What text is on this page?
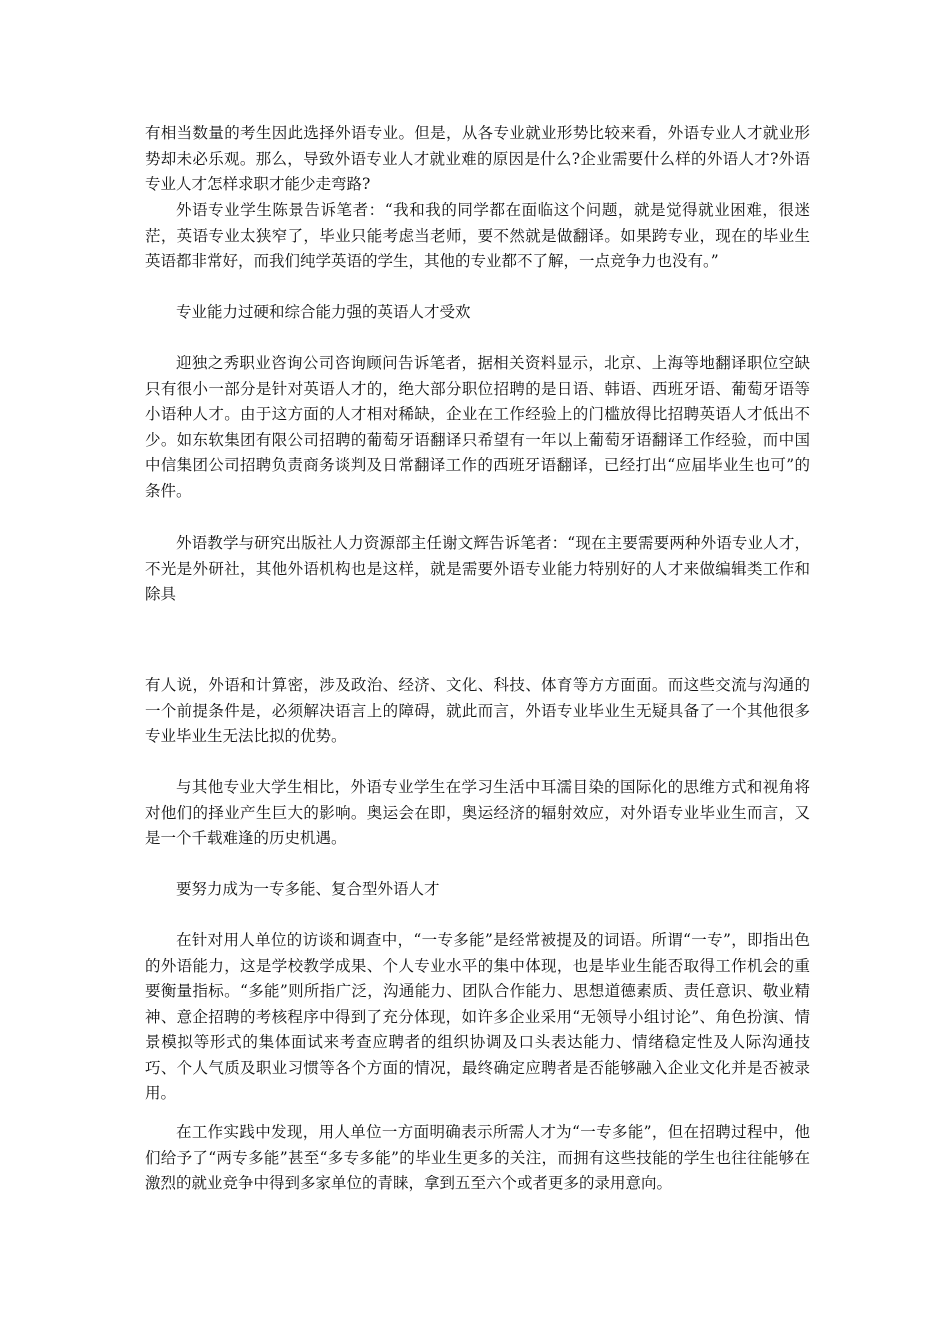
有相当数量的考生因此选择外语专业。但是，从各专业就业形势比较来看，外语专业人才就业形势却未必乐观。那么，导致外语专业人才就业难的原因是什么?企业需要什么样的外语人才?外语专业人才怎样求职才能少走弯路?

外语专业学生陈景告诉笔者：“我和我的同学都在面临这个问题，就是觉得就业困难，很迷茫，英语专业太狭窄了，毕业只能考虑当老师，要不然就是做翻译。如果跨专业，现在的毕业生英语都非常好，而我们纯学英语的学生，其他的专业都不了解，一点竞争力也没有。”

专业能力过硬和综合能力强的英语人才受欢

迎独之秀职业咨询公司咨询顾问告诉笔者，据相关资料显示，北京、上海等地翻译职位空缺只有很小一部分是针对英语人才的，绝大部分职位招聘的是日语、韩语、西班牙语、葡萄牙语等小语种人才。由于这方面的人才相对稀缺，企业在工作经验上的门槛放得比招聘英语人才低出不少。如东软集团有限公司招聘的葡萄牙语翻译只希望有一年以上葡萄牙语翻译工作经验，而中国中信集团公司招聘负责商务谈判及日常翻译工作的西班牙语翻译，已经打出“应届毕业生也可”的条件。

外语教学与研究出版社人力资源部主任谢文辉告诉笔者：“现在主要需要两种外语专业人才，不光是外研社，其他外语机构也是这样，就是需要外语专业能力特别好的人才来做编辑类工作和除具

有人说，外语和计算密，涉及政治、经济、文化、科技、体育等方方面面。而这些交流与沟通的一个前提条件是，必须解决语言上的障碍，就此而言，外语专业毕业生无疑具备了一个其他很多专业毕业生无法比拟的优势。

与其他专业大学生相比，外语专业学生在学习生活中耳濡目染的国际化的思维方式和视角将对他们的择业产生巨大的影响。奥运会在即，奥运经济的辐射效应，对外语专业毕业生而言，又是一个千载难逢的历史机遇。

要努力成为一专多能、复合型外语人才

在针对用人单位的访谈和调查中，“一专多能”是经常被提及的词语。所谓“一专”，即指出色的外语能力，这是学校教学成果、个人专业水平的集中体现，也是毕业生能否取得工作机会的重要衡量指标。“多能”则所指广泛，沟通能力、团队合作能力、思想道德素质、责任意识、敬业精神、意企招聘的考核程序中得到了充分体现，如许多企业采用“无领导小组讨论”、角色扮演、情景模拟等形式的集体面试来考查应聘者的组织协调及口头表达能力、情绪稳定性及人际沟通技巧、个人气质及职业习惯等各个方面的情况，最终确定应聘者是否能够融入企业文化并是否被录用。

在工作实践中发现，用人单位一方面明确表示所需人才为“一专多能”，但在招聘过程中，他们给予了“两专多能”甚至“多专多能”的毕业生更多的关注，而拥有这些技能的学生也往往能够在激烈的就业竞争中得到多家单位的青睐，拿到五至六个或者更多的录用意向。
